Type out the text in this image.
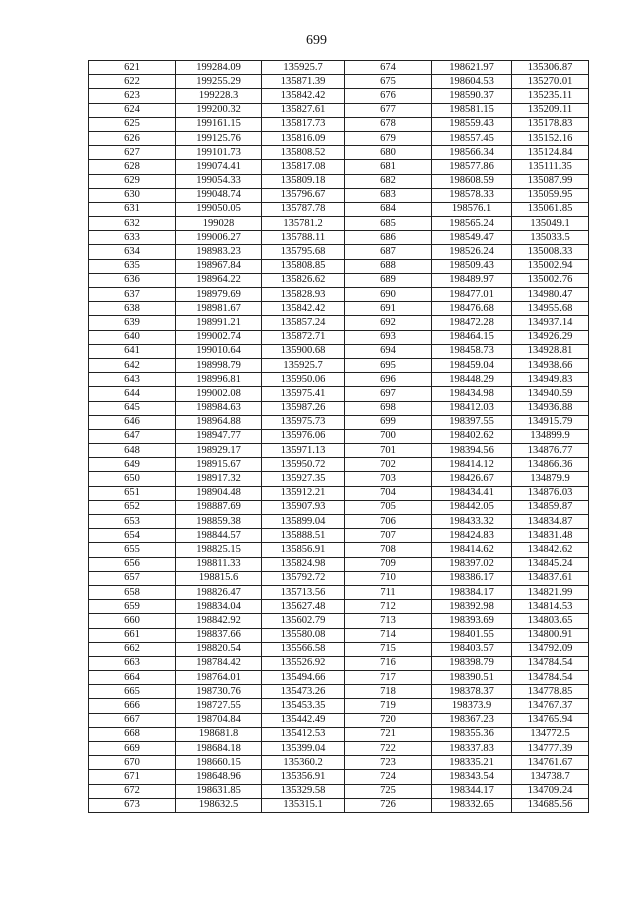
699
621	199284.09	135925.7	674	198621.97	135306.87
622	199255.29	135871.39	675	198604.53	135270.01
623	199228.3	135842.42	676	198590.37	135235.11
624	199200.32	135827.61	677	198581.15	135209.11
625	199161.15	135817.73	678	198559.43	135178.83
626	199125.76	135816.09	679	198557.45	135152.16
627	199101.73	135808.52	680	198566.34	135124.84
628	199074.41	135817.08	681	198577.86	135111.35
629	199054.33	135809.18	682	198608.59	135087.99
630	199048.74	135796.67	683	198578.33	135059.95
631	199050.05	135787.78	684	198576.1	135061.85
632	199028	135781.2	685	198565.24	135049.1
633	199006.27	135788.11	686	198549.47	135033.5
634	198983.23	135795.68	687	198526.24	135008.33
635	198967.84	135808.85	688	198509.43	135002.94
636	198964.22	135826.62	689	198489.97	135002.76
637	198979.69	135828.93	690	198477.01	134980.47
638	198981.67	135842.42	691	198476.68	134955.68
639	198991.21	135857.24	692	198472.28	134937.14
640	199002.74	135872.71	693	198464.15	134926.29
641	199010.64	135900.68	694	198458.73	134928.81
642	198998.79	135925.7	695	198459.04	134938.66
643	198996.81	135950.06	696	198448.29	134949.83
644	199002.08	135975.41	697	198434.98	134940.59
645	198984.63	135987.26	698	198412.03	134936.88
646	198964.88	135975.73	699	198397.55	134915.79
647	198947.77	135976.06	700	198402.62	134899.9
648	198929.17	135971.13	701	198394.56	134876.77
649	198915.67	135950.72	702	198414.12	134866.36
650	198917.32	135927.35	703	198426.67	134879.9
651	198904.48	135912.21	704	198434.41	134876.03
652	198887.69	135907.93	705	198442.05	134859.87
653	198859.38	135899.04	706	198433.32	134834.87
654	198844.57	135888.51	707	198424.83	134831.48
655	198825.15	135856.91	708	198414.62	134842.62
656	198811.33	135824.98	709	198397.02	134845.24
657	198815.6	135792.72	710	198386.17	134837.61
658	198826.47	135713.56	711	198384.17	134821.99
659	198834.04	135627.48	712	198392.98	134814.53
660	198842.92	135602.79	713	198393.69	134803.65
661	198837.66	135580.08	714	198401.55	134800.91
662	198820.54	135566.58	715	198403.57	134792.09
663	198784.42	135526.92	716	198398.79	134784.54
664	198764.01	135494.66	717	198390.51	134784.54
665	198730.76	135473.26	718	198378.37	134778.85
666	198727.55	135453.35	719	198373.9	134767.37
667	198704.84	135442.49	720	198367.23	134765.94
668	198681.8	135412.53	721	198355.36	134772.5
669	198684.18	135399.04	722	198337.83	134777.39
670	198660.15	135360.2	723	198335.21	134761.67
671	198648.96	135356.91	724	198343.54	134738.7
672	198631.85	135329.58	725	198344.17	134709.24
673	198632.5	135315.1	726	198332.65	134685.56
